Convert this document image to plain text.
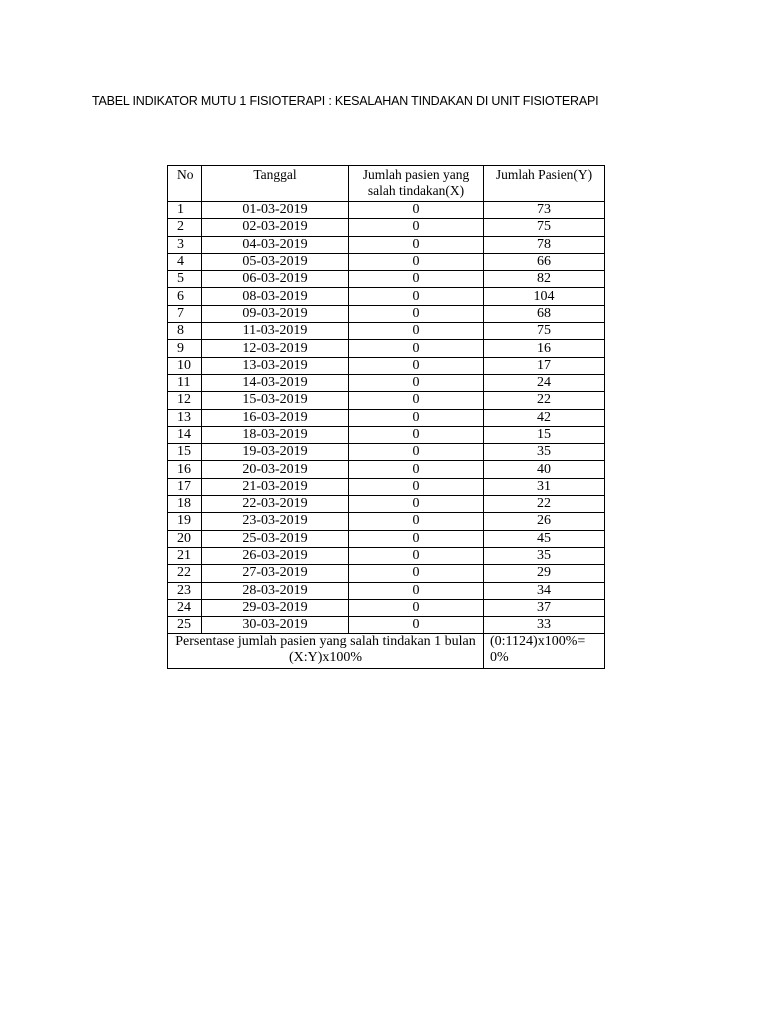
TABEL INDIKATOR MUTU 1 FISIOTERAPI : KESALAHAN TINDAKAN DI UNIT FISIOTERAPI
No	Tanggal	Jumlah pasien yang salah tindakan(X)	Jumlah Pasien(Y)
1	01-03-2019	0	73
2	02-03-2019	0	75
3	04-03-2019	0	78
4	05-03-2019	0	66
5	06-03-2019	0	82
6	08-03-2019	0	104
7	09-03-2019	0	68
8	11-03-2019	0	75
9	12-03-2019	0	16
10	13-03-2019	0	17
11	14-03-2019	0	24
12	15-03-2019	0	22
13	16-03-2019	0	42
14	18-03-2019	0	15
15	19-03-2019	0	35
16	20-03-2019	0	40
17	21-03-2019	0	31
18	22-03-2019	0	22
19	23-03-2019	0	26
20	25-03-2019	0	45
21	26-03-2019	0	35
22	27-03-2019	0	29
23	28-03-2019	0	34
24	29-03-2019	0	37
25	30-03-2019	0	33
Persentase jumlah pasien yang salah tindakan 1 bulan (X:Y)x100%			(0:1124)x100%= 0%
